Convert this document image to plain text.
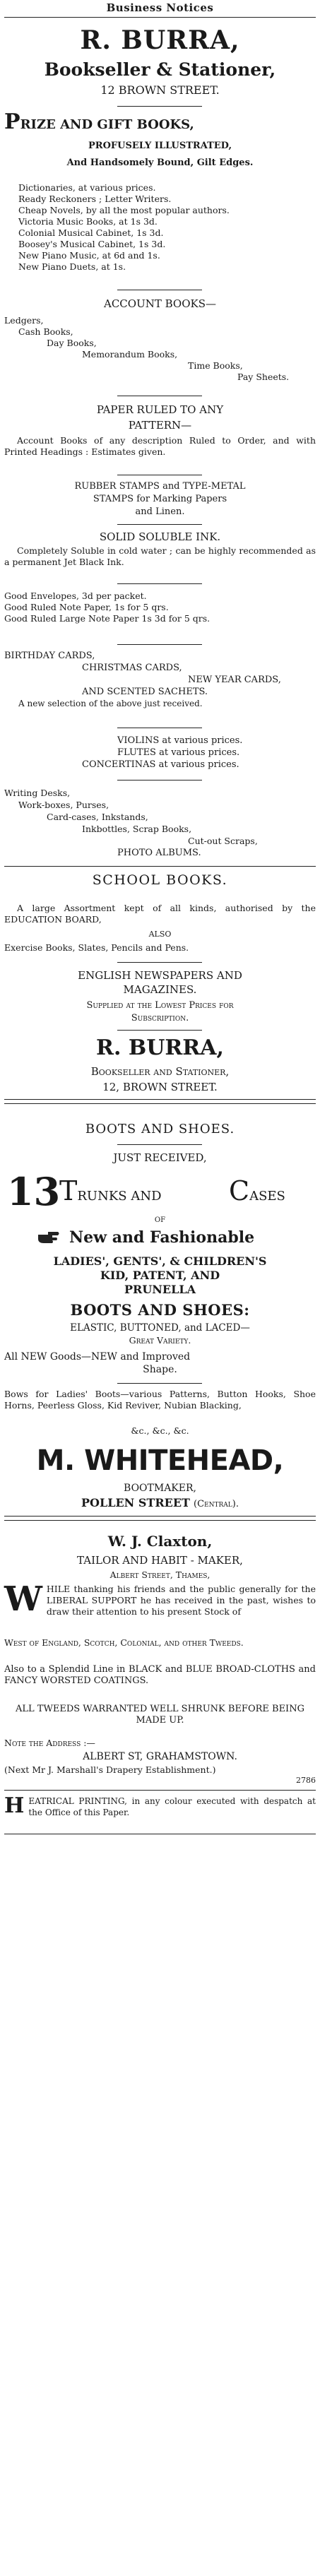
Business Notices
R. BURRA,
Bookseller & Stationer,
12 BROWN STREET.
PRIZE AND GIFT BOOKS,
PROFUSELY ILLUSTRATED,
And Handsomely Bound, Gilt Edges.
Dictionaries, at various prices.
Ready Reckoners ; Letter Writers.
Cheap Novels, by all the most popular authors.
Victoria Music Books, at 1s 3d.
Colonial Musical Cabinet, 1s 3d.
Boosey's Musical Cabinet, 1s 3d.
New Piano Music, at 6d and 1s.
New Piano Duets, at 1s.
ACCOUNT BOOKS—
Ledgers,
Cash Books,
Day Books,
Memorandum Books,
Time Books,
Pay Sheets.
PAPER RULED TO ANY
PATTERN—
Account Books of any description Ruled to Order, and with Printed Headings : Estimates given.
RUBBER STAMPS and TYPE-METAL
STAMPS for Marking Papers
and Linen.
SOLID SOLUBLE INK.
Completely Soluble in cold water ; can be highly recommended as a permanent Jet Black Ink.
Good Envelopes, 3d per packet.
Good Ruled Note Paper, 1s for 5 qrs.
Good Ruled Large Note Paper 1s 3d for 5 qrs.
BIRTHDAY CARDS,
CHRISTMAS CARDS,
NEW YEAR CARDS,
AND SCENTED SACHETS.
A new selection of the above just received.
VIOLINS at various prices.
FLUTES at various prices.
CONCERTINAS at various prices.
Writing Desks,
Work-boxes, Purses,
Card-cases, Inkstands,
Inkbottles, Scrap Books,
Cut-out Scraps,
PHOTO ALBUMS.
SCHOOL BOOKS.
A large Assortment kept of all kinds, authorised by the EDUCATION BOARD,
ALSO
Exercise Books, Slates, Pencils and Pens.
ENGLISH NEWSPAPERS AND
MAGAZINES.
Supplied at the Lowest Prices for
Subscription.
R. BURRA,
Bookseller and Stationer,
12, BROWN STREET.
BOOTS AND SHOES.
JUST RECEIVED,
13
TRUNKS AND	CASES
OF
New and Fashionable
LADIES', GENTS', & CHILDREN'S
KID, PATENT, AND
PRUNELLA
BOOTS AND SHOES:
ELASTIC, BUTTONED, and LACED—
Great Variety.
All NEW Goods—NEW and Improved
Shape.
Bows for Ladies' Boots—various Patterns, Button Hooks, Shoe Horns, Peerless Gloss, Kid Reviver, Nubian Blacking,
&c., &c., &c.
M. WHITEHEAD,
BOOTMAKER,
POLLEN STREET (Central).
W. J. Claxton,
TAILOR AND HABIT - MAKER,
Albert Street, Thames,
WHILE thanking his friends and the public generally for the LIBERAL SUPPORT he has received in the past, wishes to draw their attention to his present Stock of
West of England, Scotch, Colonial, and other Tweeds.
Also to a Splendid Line in BLACK and BLUE BROAD-CLOTHS and FANCY WORSTED COATINGS.
ALL TWEEDS WARRANTED WELL SHRUNK BEFORE BEING MADE UP.
Note the Address :—
ALBERT ST, GRAHAMSTOWN.
(Next Mr J. Marshall's Drapery Establishment.)
2786
HEATRICAL PRINTING, in any colour executed with despatch at the Office of this Paper.
